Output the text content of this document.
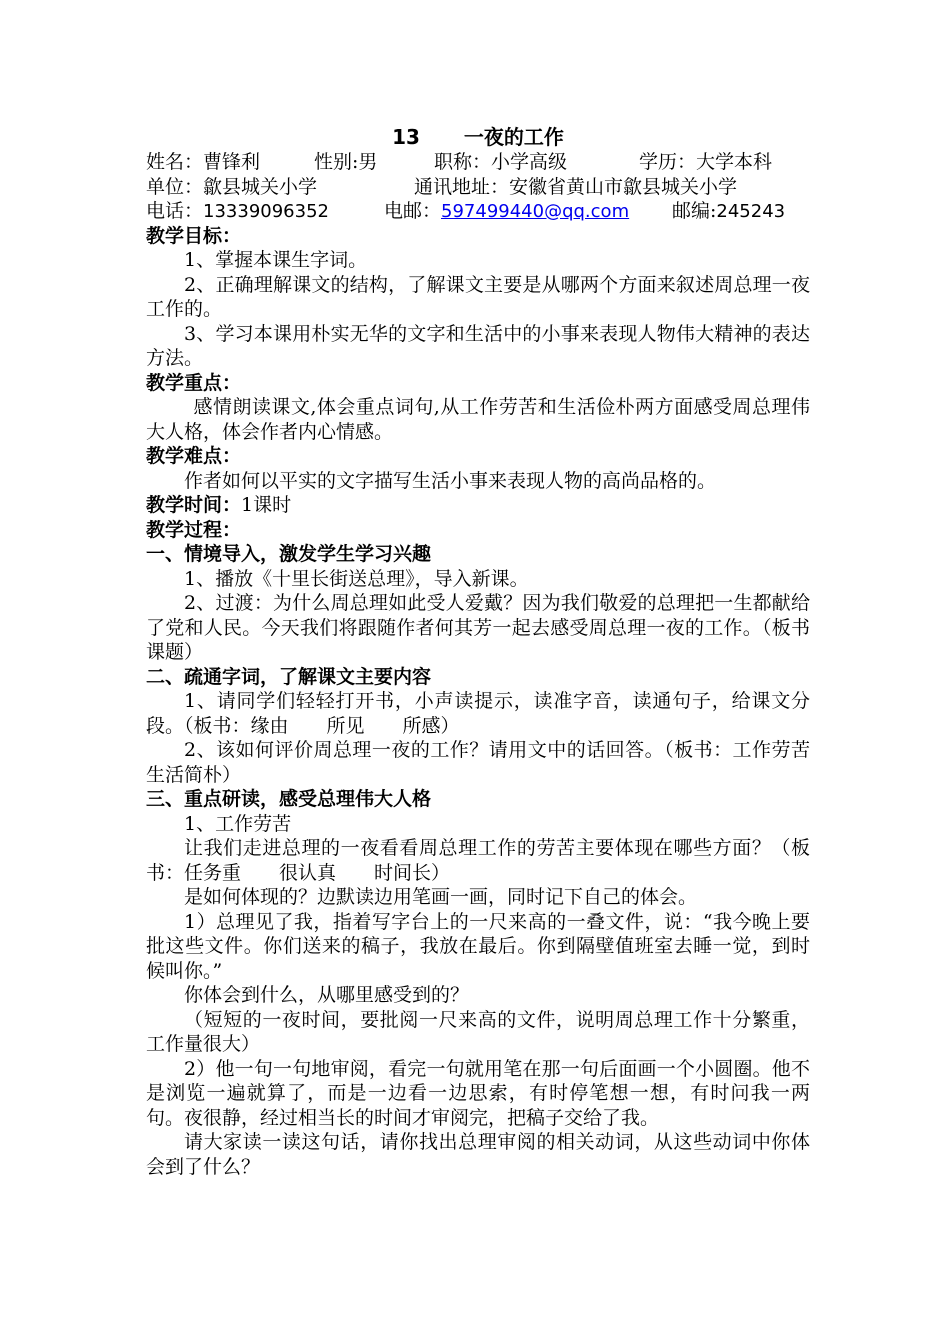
13 一夜的工作
姓名：曹锋利	性别:男	职称：小学高级	学历：大学本科
单位：歙县城关小学	通讯地址：安徽省黄山市歙县城关小学
电话：13339096352	电邮：597499440@qq.com	邮编:245243
教学目标：
1、掌握本课生字词。
2、正确理解课文的结构，了解课文主要是从哪两个方面来叙述周总理一夜工作的。
3、学习本课用朴实无华的文字和生活中的小事来表现人物伟大精神的表达方法。
教学重点：
感情朗读课文,体会重点词句,从工作劳苦和生活俭朴两方面感受周总理伟大人格，体会作者内心情感。
教学难点：
作者如何以平实的文字描写生活小事来表现人物的高尚品格的。
教学时间：1课时
教学过程：
一、情境导入，激发学生学习兴趣
1、播放《十里长街送总理》，导入新课。
2、过渡：为什么周总理如此受人爱戴？因为我们敬爱的总理把一生都献给了党和人民。今天我们将跟随作者何其芳一起去感受周总理一夜的工作。（板书课题）
二、疏通字词，了解课文主要内容
1、请同学们轻轻打开书，小声读提示，读准字音，读通句子，给课文分段。（板书：缘由　　所见　　所感）
2、该如何评价周总理一夜的工作？请用文中的话回答。（板书：工作劳苦　　生活简朴）
三、重点研读，感受总理伟大人格
1、工作劳苦
让我们走进总理的一夜看看周总理工作的劳苦主要体现在哪些方面？（板书：任务重　　很认真　　时间长）
是如何体现的？边默读边用笔画一画，同时记下自己的体会。
1）总理见了我，指着写字台上的一尺来高的一叠文件，说：“我今晚上要批这些文件。你们送来的稿子，我放在最后。你到隔壁值班室去睡一觉，到时候叫你。”
你体会到什么，从哪里感受到的？
（短短的一夜时间，要批阅一尺来高的文件，说明周总理工作十分繁重，工作量很大）
2）他一句一句地审阅，看完一句就用笔在那一句后面画一个小圆圈。他不是浏览一遍就算了，而是一边看一边思索，有时停笔想一想，有时问我一两句。夜很静，经过相当长的时间才审阅完，把稿子交给了我。
请大家读一读这句话，请你找出总理审阅的相关动词，从这些动词中你体会到了什么？
